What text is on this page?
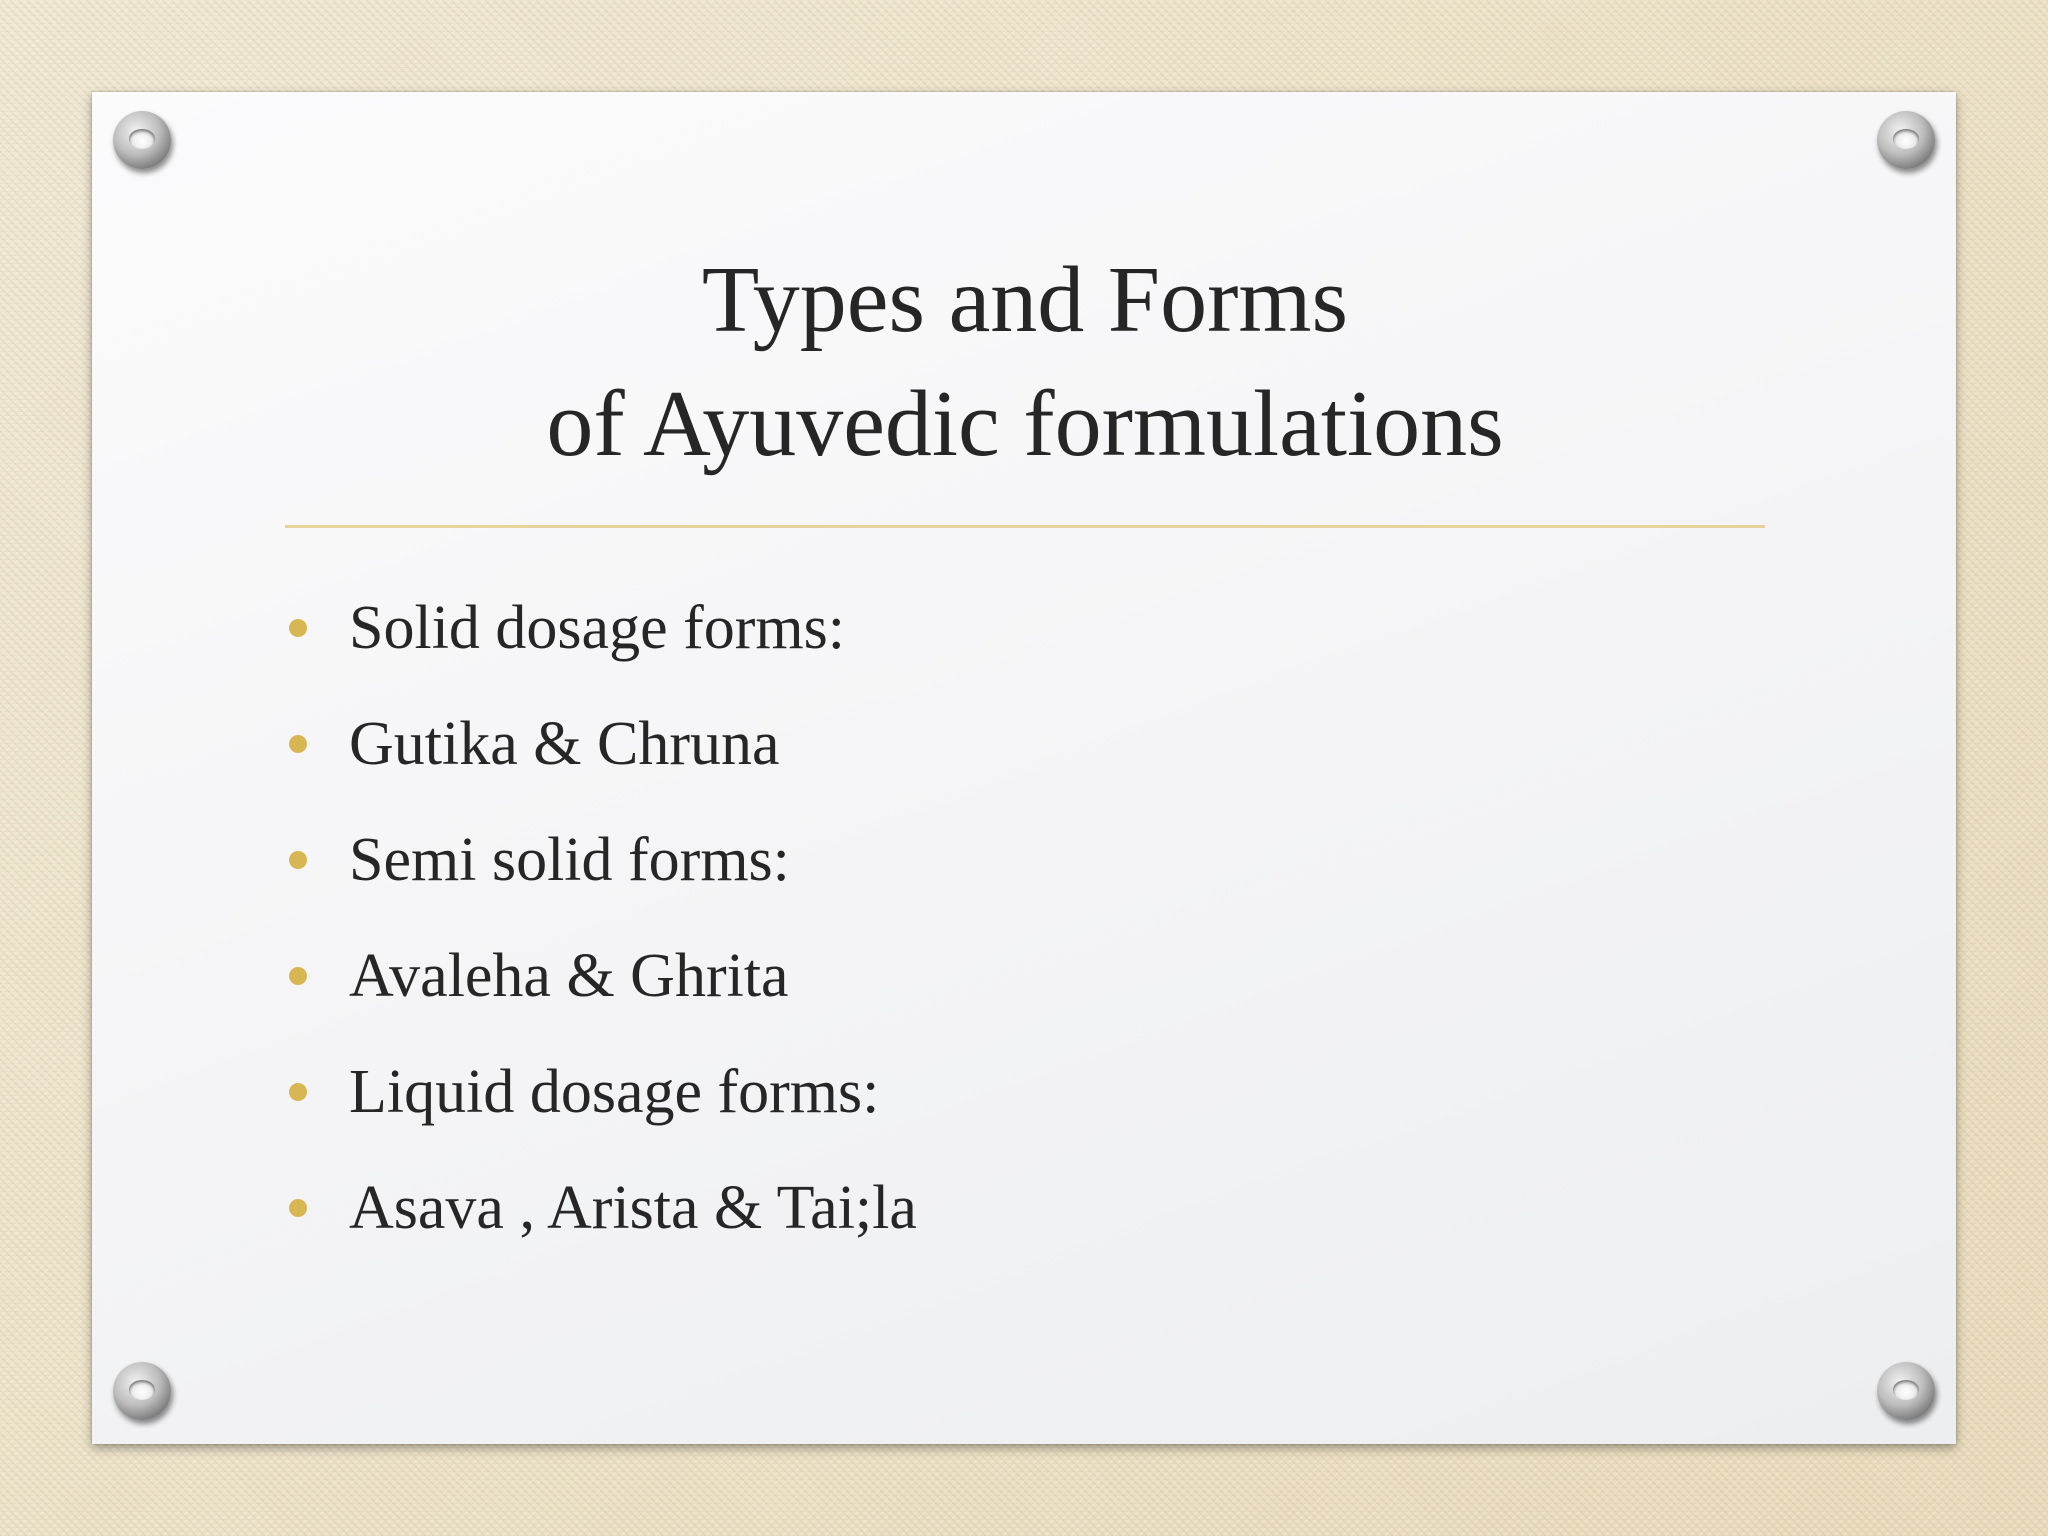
Types and Forms
of Ayuvedic formulations
Solid dosage forms:
Gutika & Chruna
Semi solid forms:
Avaleha & Ghrita
Liquid dosage forms:
Asava , Arista & Tai;la
